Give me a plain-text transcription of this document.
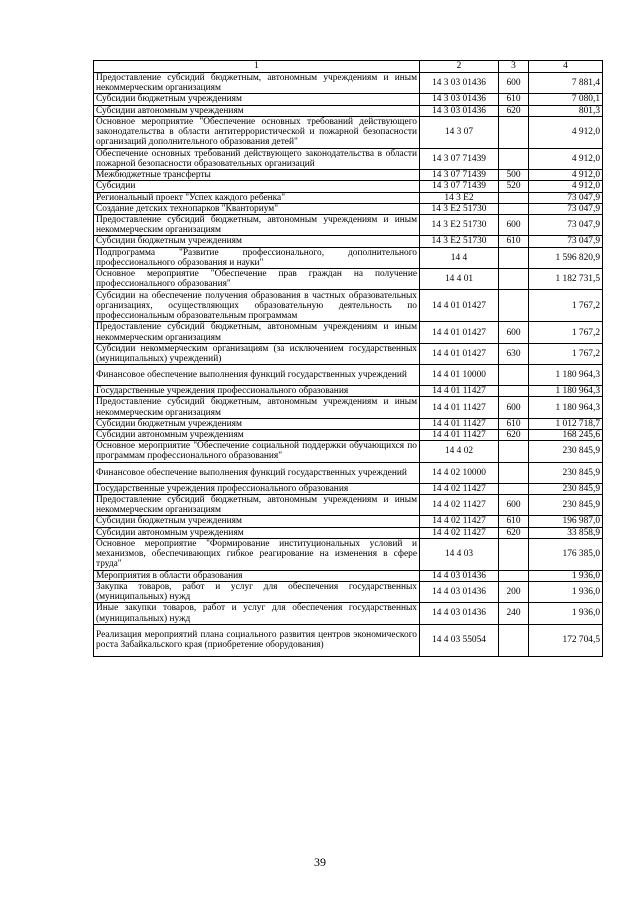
1	2	3	4
Предоставление субсидий бюджетным, автономным учреждениям и иным некоммерческим организациям	14 3 03 01436	600	7 881,4
Субсидии бюджетным учреждениям	14 3 03 01436	610	7 080,1
Субсидии автономным учреждениям	14 3 03 01436	620	801,3
Основное мероприятие "Обеспечение основных требований действующего законодательства в области антитеррористической и пожарной безопасности организаций дополнительного образования детей"	14 3 07		4 912,0
Обеспечение основных требований действующего законодательства в области пожарной безопасности образовательных организаций	14 3 07 71439		4 912,0
Межбюджетные трансферты	14 3 07 71439	500	4 912,0
Субсидии	14 3 07 71439	520	4 912,0
Региональный проект "Успех каждого ребенка"	14 3 E2		73 047,9
Создание детских технопарков "Кванториум"	14 3 E2 51730		73 047,9
Предоставление субсидий бюджетным, автономным учреждениям и иным некоммерческим организациям	14 3 E2 51730	600	73 047,9
Субсидии бюджетным учреждениям	14 3 E2 51730	610	73 047,9
Подпрограмма "Развитие профессионального, дополнительного профессионального образования и науки"	14 4		1 596 820,9
Основное мероприятие "Обеспечение прав граждан на получение профессионального образования"	14 4 01		1 182 731,5
Субсидии на обеспечение получения образования в частных образовательных организациях, осуществляющих образовательную деятельность по профессиональным образовательным программам	14 4 01 01427		1 767,2
Предоставление субсидий бюджетным, автономным учреждениям и иным некоммерческим организациям	14 4 01 01427	600	1 767,2
Субсидии некоммерческим организациям (за исключением государственных (муниципальных) учреждений)	14 4 01 01427	630	1 767,2
Финансовое обеспечение выполнения функций государственных учреждений	14 4 01 10000		1 180 964,3
Государственные учреждения профессионального образования	14 4 01 11427		1 180 964,3
Предоставление субсидий бюджетным, автономным учреждениям и иным некоммерческим организациям	14 4 01 11427	600	1 180 964,3
Субсидии бюджетным учреждениям	14 4 01 11427	610	1 012 718,7
Субсидии автономным учреждениям	14 4 01 11427	620	168 245,6
Основное мероприятие "Обеспечение социальной поддержки обучающихся по программам профессионального образования"	14 4 02		230 845,9
Финансовое обеспечение выполнения функций государственных учреждений	14 4 02 10000		230 845,9
Государственные учреждения профессионального образования	14 4 02 11427		230 845,9
Предоставление субсидий бюджетным, автономным учреждениям и иным некоммерческим организациям	14 4 02 11427	600	230 845,9
Субсидии бюджетным учреждениям	14 4 02 11427	610	196 987,0
Субсидии автономным учреждениям	14 4 02 11427	620	33 858,9
Основное мероприятие "Формирование институциональных условий и механизмов, обеспечивающих гибкое реагирование на изменения в сфере труда"	14 4 03		176 385,0
Мероприятия в области образования	14 4 03 01436		1 936,0
Закупка товаров, работ и услуг для обеспечения государственных (муниципальных) нужд	14 4 03 01436	200	1 936,0
Иные закупки товаров, работ и услуг для обеспечения государственных (муниципальных) нужд	14 4 03 01436	240	1 936,0
Реализация мероприятий плана социального развития центров экономического роста Забайкальского края (приобретение оборудования)	14 4 03 55054		172 704,5
39
